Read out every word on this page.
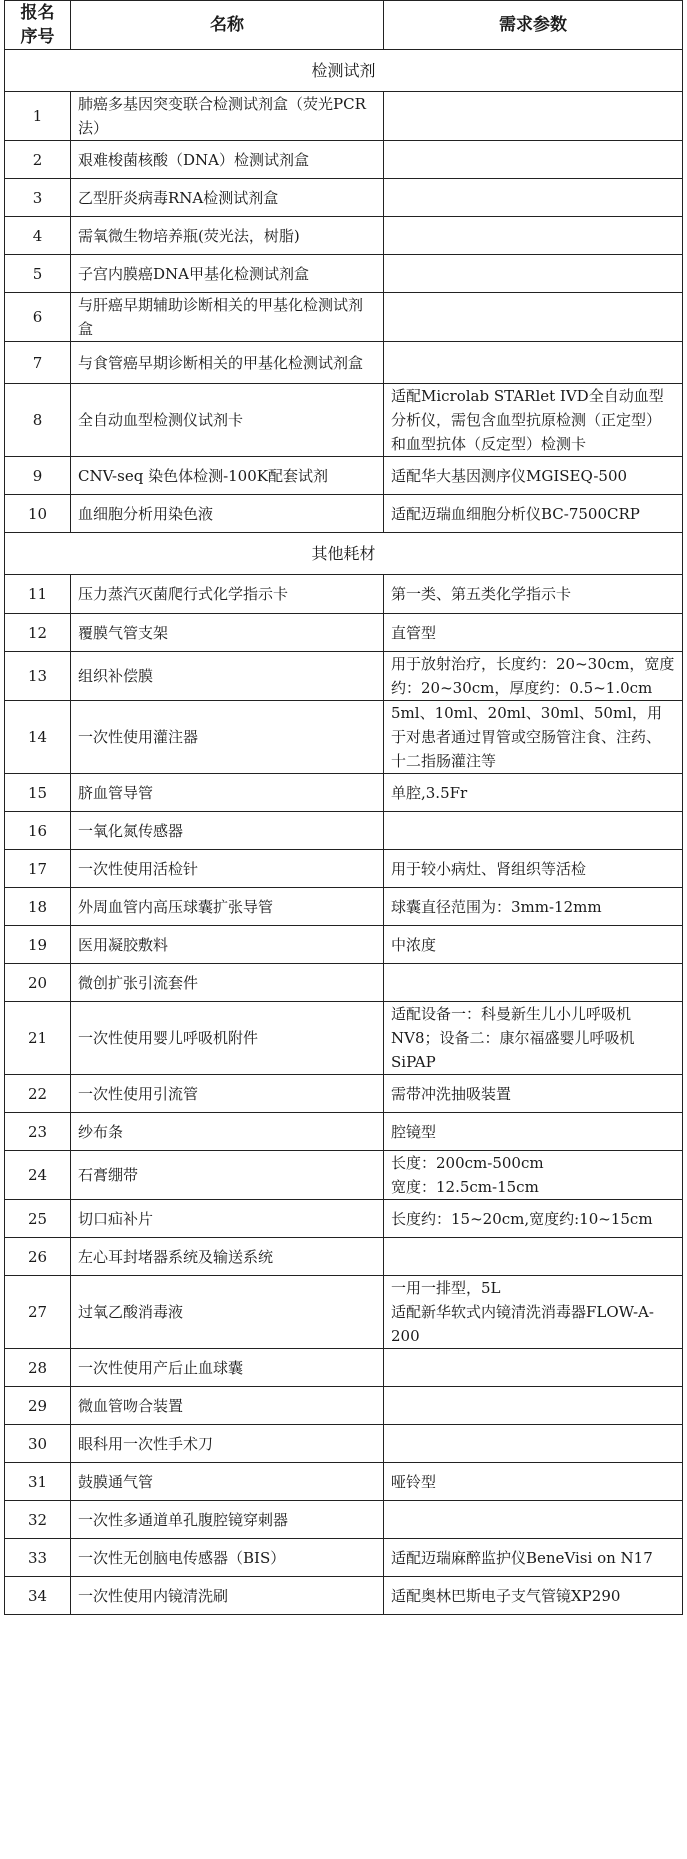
报名
序号	名称	需求参数
检测试剂		
1	肺癌多基因突变联合检测试剂盒（荧光PCR法）	
2	艰难梭菌核酸（DNA）检测试剂盒	
3	乙型肝炎病毒RNA检测试剂盒	
4	需氧微生物培养瓶(荧光法，树脂)	
5	子宫内膜癌DNA甲基化检测试剂盒	
6	与肝癌早期辅助诊断相关的甲基化检测试剂盒	
7	与食管癌早期诊断相关的甲基化检测试剂盒	
8	全自动血型检测仪试剂卡	适配Microlab STARlet IVD全自动血型分析仪，需包含血型抗原检测（正定型）和血型抗体（反定型）检测卡
9	CNV-seq 染色体检测-100K配套试剂	适配华大基因测序仪MGISEQ-500
10	血细胞分析用染色液	适配迈瑞血细胞分析仪BC-7500CRP
其他耗材		
11	压力蒸汽灭菌爬行式化学指示卡	第一类、第五类化学指示卡
12	覆膜气管支架	直管型
13	组织补偿膜	用于放射治疗，长度约：20~30cm，宽度约：20~30cm，厚度约：0.5~1.0cm
14	一次性使用灌注器	5ml、10ml、20ml、30ml、50ml，用于对患者通过胃管或空肠管注食、注药、十二指肠灌注等
15	脐血管导管	单腔,3.5Fr
16	一氧化氮传感器	
17	一次性使用活检针	用于较小病灶、肾组织等活检
18	外周血管内高压球囊扩张导管	球囊直径范围为：3mm-12mm
19	医用凝胶敷料	中浓度
20	微创扩张引流套件	
21	一次性使用婴儿呼吸机附件	适配设备一：科曼新生儿小儿呼吸机NV8；设备二：康尔福盛婴儿呼吸机SiPAP
22	一次性使用引流管	需带冲洗抽吸装置
23	纱布条	腔镜型
24	石膏绷带	长度：200cm-500cm
宽度：12.5cm-15cm
25	切口疝补片	长度约：15~20cm,宽度约:10~15cm
26	左心耳封堵器系统及输送系统	
27	过氧乙酸消毒液	一用一排型，5L
适配新华软式内镜清洗消毒器FLOW-A-200
28	一次性使用产后止血球囊	
29	微血管吻合装置	
30	眼科用一次性手术刀	
31	鼓膜通气管	哑铃型
32	一次性多通道单孔腹腔镜穿刺器	
33	一次性无创脑电传感器（BIS）	适配迈瑞麻醉监护仪BeneVisi on N17
34	一次性使用内镜清洗刷	适配奥林巴斯电子支气管镜XP290
